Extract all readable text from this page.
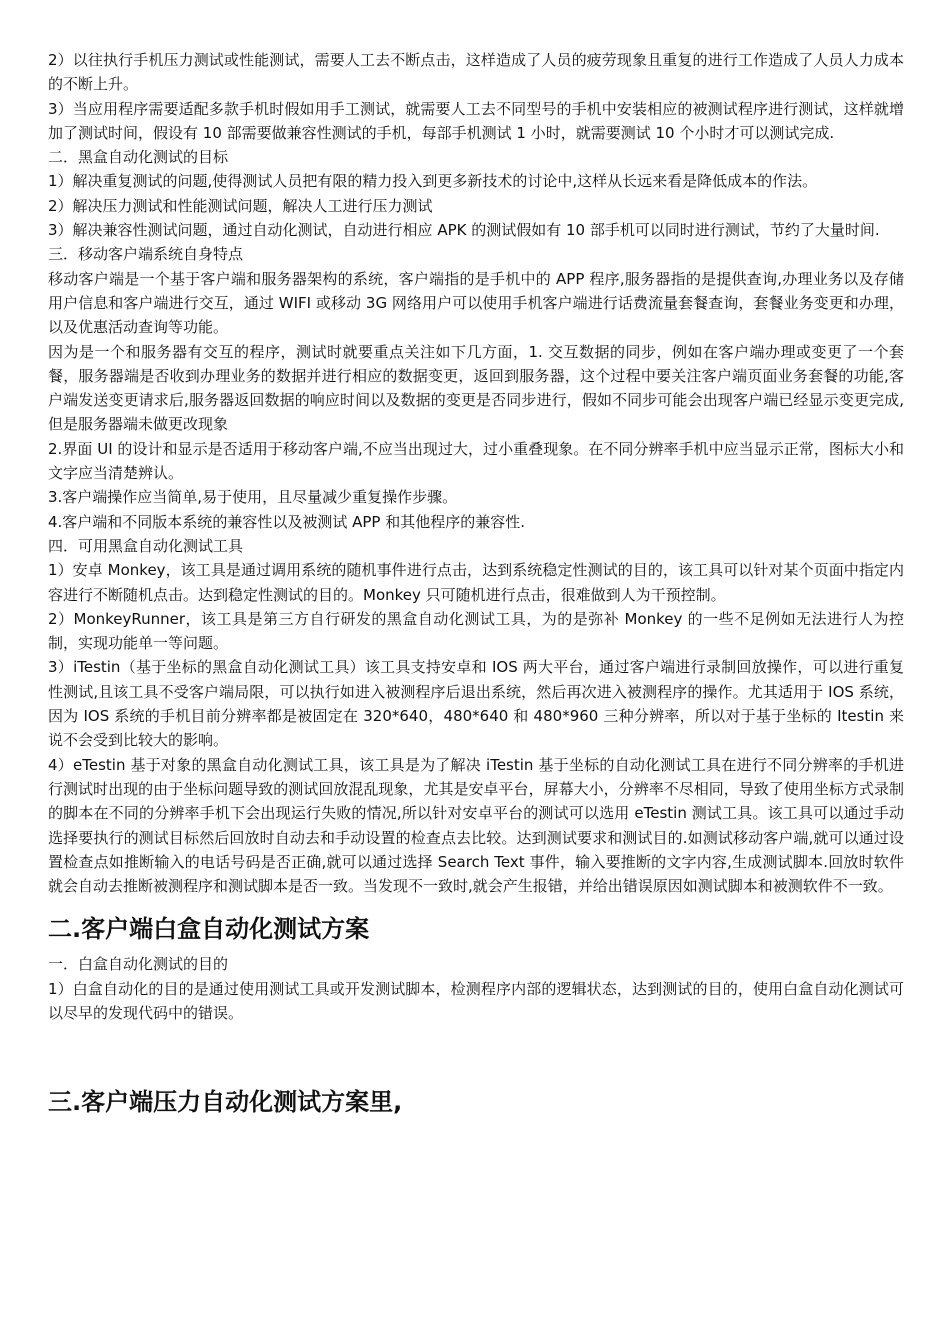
2）以往执行手机压力测试或性能测试，需要人工去不断点击，这样造成了人员的疲劳现象且重复的进行工作造成了人员人力成本的不断上升。

3）当应用程序需要适配多款手机时假如用手工测试，就需要人工去不同型号的手机中安装相应的被测试程序进行测试，这样就增加了测试时间，假设有 10 部需要做兼容性测试的手机，每部手机测试 1 小时，就需要测试 10 个小时才可以测试完成.

二．黑盒自动化测试的目标

1）解决重复测试的问题,使得测试人员把有限的精力投入到更多新技术的讨论中,这样从长远来看是降低成本的作法。

2）解决压力测试和性能测试问题，解决人工进行压力测试

3）解决兼容性测试问题，通过自动化测试，自动进行相应 APK 的测试假如有 10 部手机可以同时进行测试，节约了大量时间.

三．移动客户端系统自身特点

移动客户端是一个基于客户端和服务器架构的系统，客户端指的是手机中的 APP 程序,服务器指的是提供查询,办理业务以及存储用户信息和客户端进行交互，通过 WIFI 或移动 3G 网络用户可以使用手机客户端进行话费流量套餐查询，套餐业务变更和办理，以及优惠活动查询等功能。

因为是一个和服务器有交互的程序，测试时就要重点关注如下几方面，1. 交互数据的同步，例如在客户端办理或变更了一个套餐，服务器端是否收到办理业务的数据并进行相应的数据变更，返回到服务器，这个过程中要关注客户端页面业务套餐的功能,客户端发送变更请求后,服务器返回数据的响应时间以及数据的变更是否同步进行，假如不同步可能会出现客户端已经显示变更完成,但是服务器端未做更改现象

2.界面 UI 的设计和显示是否适用于移动客户端,不应当出现过大，过小重叠现象。在不同分辨率手机中应当显示正常，图标大小和文字应当清楚辨认。

3.客户端操作应当简单,易于使用，且尽量减少重复操作步骤。

4.客户端和不同版本系统的兼容性以及被测试 APP 和其他程序的兼容性.

四．可用黑盒自动化测试工具

1）安卓 Monkey，该工具是通过调用系统的随机事件进行点击，达到系统稳定性测试的目的，该工具可以针对某个页面中指定内容进行不断随机点击。达到稳定性测试的目的。Monkey 只可随机进行点击，很难做到人为干预控制。

2）MonkeyRunner，该工具是第三方自行研发的黑盒自动化测试工具，为的是弥补 Monkey 的一些不足例如无法进行人为控制，实现功能单一等问题。

3）iTestin（基于坐标的黑盒自动化测试工具）该工具支持安卓和 IOS 两大平台，通过客户端进行录制回放操作，可以进行重复性测试,且该工具不受客户端局限，可以执行如进入被测程序后退出系统，然后再次进入被测程序的操作。尤其适用于 IOS 系统，因为 IOS 系统的手机目前分辨率都是被固定在 320*640，480*640 和 480*960 三种分辨率，所以对于基于坐标的 Itestin 来说不会受到比较大的影响。

4）eTestin 基于对象的黑盒自动化测试工具，该工具是为了解决 iTestin 基于坐标的自动化测试工具在进行不同分辨率的手机进行测试时出现的由于坐标问题导致的测试回放混乱现象，尤其是安卓平台，屏幕大小，分辨率不尽相同，导致了使用坐标方式录制的脚本在不同的分辨率手机下会出现运行失败的情况,所以针对安卓平台的测试可以选用 eTestin 测试工具。该工具可以通过手动选择要执行的测试目标然后回放时自动去和手动设置的检查点去比较。达到测试要求和测试目的.如测试移动客户端,就可以通过设置检查点如推断输入的电话号码是否正确,就可以通过选择 Search Text 事件，输入要推断的文字内容,生成测试脚本.回放时软件就会自动去推断被测程序和测试脚本是否一致。当发现不一致时,就会产生报错，并给出错误原因如测试脚本和被测软件不一致。

二.客户端白盒自动化测试方案

一．白盒自动化测试的目的

1）白盒自动化的目的是通过使用测试工具或开发测试脚本，检测程序内部的逻辑状态，达到测试的目的，使用白盒自动化测试可以尽早的发现代码中的错误。

三.客户端压力自动化测试方案里,
